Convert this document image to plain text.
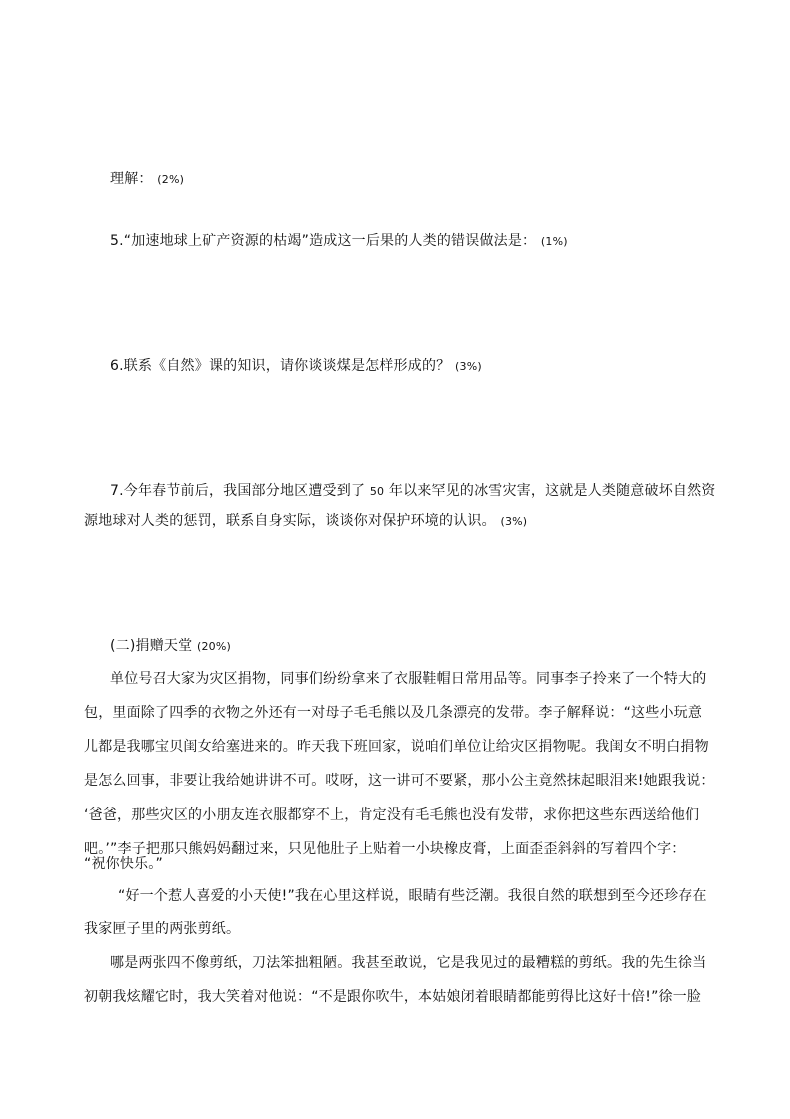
理解： (2%)
5.“加速地球上矿产资源的枯竭”造成这一后果的人类的错误做法是： (1%)
6.联系《自然》课的知识，请你谈谈煤是怎样形成的？ (3%)
7.今年春节前后，我国部分地区遭受到了 50 年以来罕见的冰雪灾害，这就是人类随意破坏自然资
源地球对人类的惩罚，联系自身实际，谈谈你对保护环境的认识。 (3%)
(二)捐赠天堂 (20%)
单位号召大家为灾区捐物，同事们纷纷拿来了衣服鞋帽日常用品等。同事李子拎来了一个特大的
包，里面除了四季的衣物之外还有一对母子毛毛熊以及几条漂亮的发带。李子解释说：“这些小玩意
儿都是我哪宝贝闺女给塞进来的。昨天我下班回家，说咱们单位让给灾区捐物呢。我闺女不明白捐物
是怎么回事，非要让我给她讲讲不可。哎呀，这一讲可不要紧，那小公主竟然抹起眼泪来!她跟我说：
‘爸爸，那些灾区的小朋友连衣服都穿不上，肯定没有毛毛熊也没有发带，求你把这些东西送给他们
吧。’”李子把那只熊妈妈翻过来，只见他肚子上贴着一小块橡皮膏，上面歪歪斜斜的写着四个字：
“祝你快乐。”
“好一个惹人喜爱的小天使!”我在心里这样说，眼睛有些泛潮。我很自然的联想到至今还珍存在
我家匣子里的两张剪纸。
哪是两张四不像剪纸，刀法笨拙粗陋。我甚至敢说，它是我见过的最糟糕的剪纸。我的先生徐当
初朝我炫耀它时，我大笑着对他说：“不是跟你吹牛，本姑娘闭着眼睛都能剪得比这好十倍!”徐一脸
